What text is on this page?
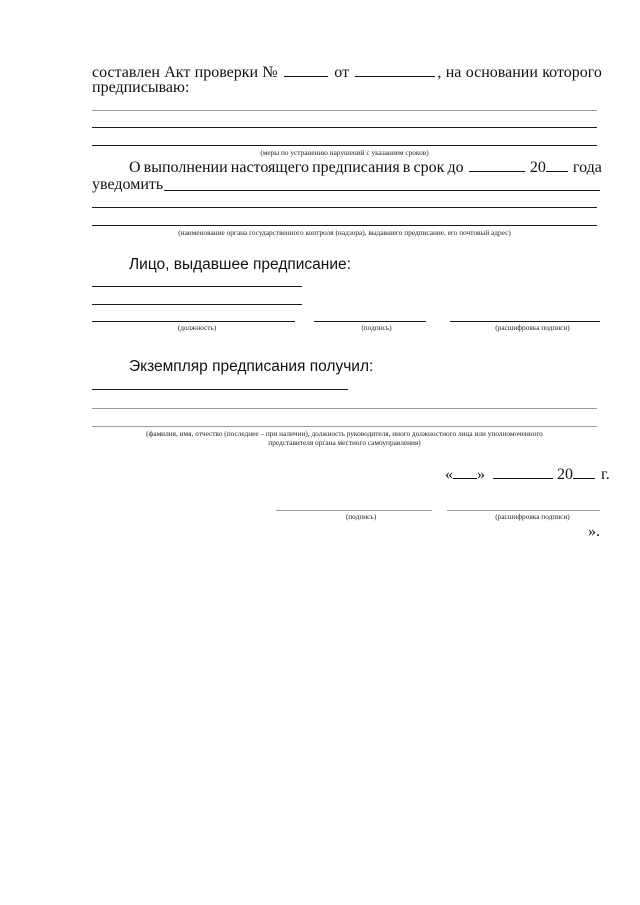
составлен Акт проверки №	от	, на основании которого
предписываю:
(меры по устранению нарушений с указанием сроков)
О выполнении настоящего предписания в срок до	20	года
уведомить
(наименование органа государственного контроля (надзора), выдавшего предписание, его почтовый адрес)
Лицо, выдавшее предписание:
(должность)	(подпись)	(расшифровка подписи)
Экземпляр предписания получил:
(фамилия, имя, отчество (последнее – при наличии), должность руководителя, иного должностного лица или уполномоченного
представителя органа местного самоуправления)
« »	20 г.
(подпись)	(расшифровка подписи)
».
